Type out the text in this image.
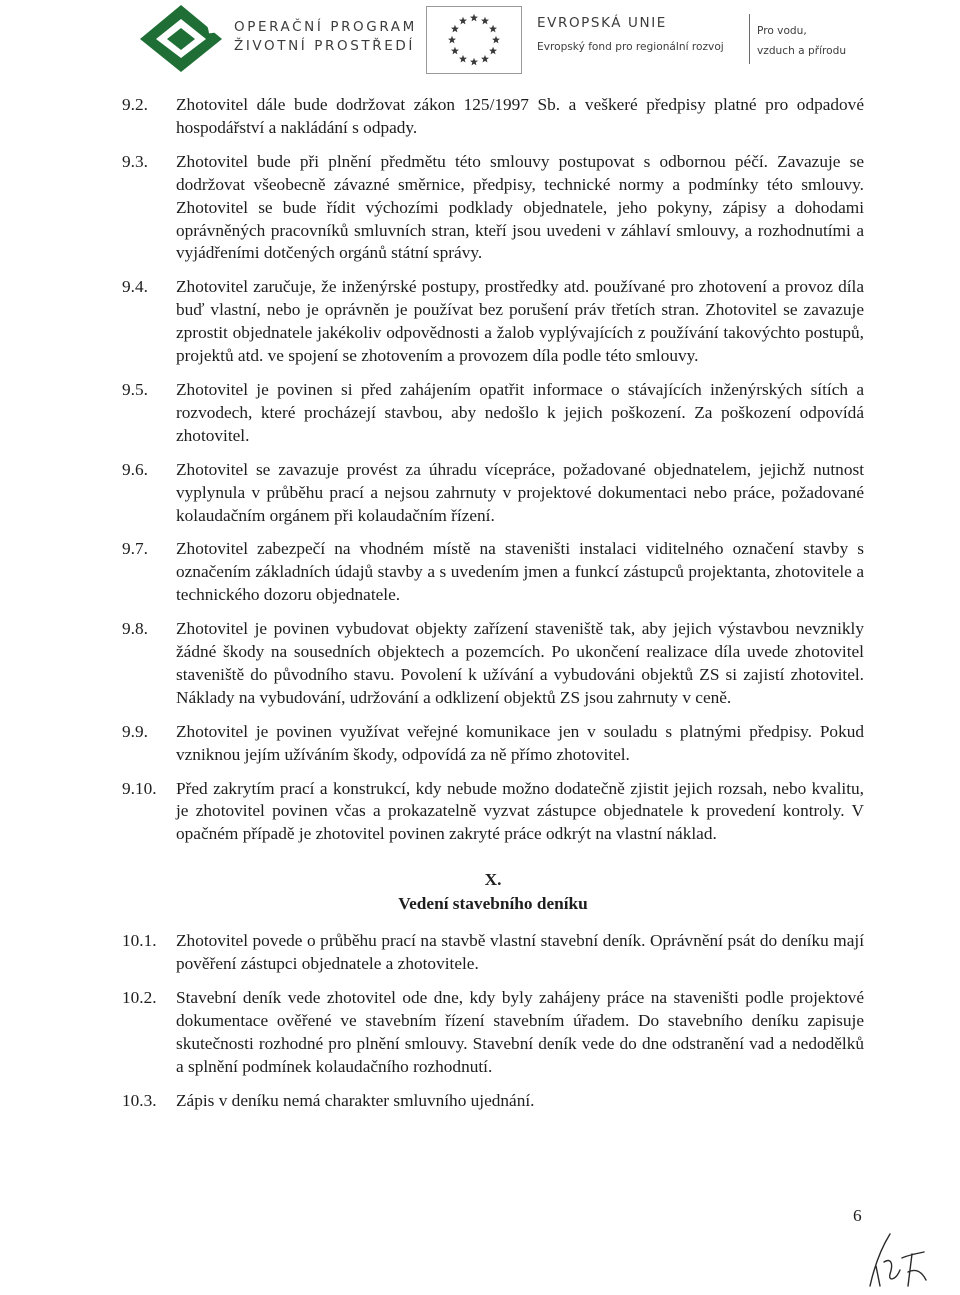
OPERAČNÍ PROGRAM
ŽIVOTNÍ PROSTŘEDÍ
EVROPSKÁ UNIE
Evropský fond pro regionální rozvoj
Pro vodu,
vzduch a přírodu
9.2.	Zhotovitel dále bude dodržovat zákon 125/1997 Sb. a veškeré předpisy platné pro odpadové hospodářství a nakládání s odpady.
9.3.	Zhotovitel bude při plnění předmětu této smlouvy postupovat s odbornou péčí. Zavazuje se dodržovat všeobecně závazné směrnice, předpisy, technické normy a podmínky této smlouvy. Zhotovitel se bude řídit výchozími podklady objednatele, jeho pokyny, zápisy a dohodami oprávněných pracovníků smluvních stran, kteří jsou uvedeni v záhlaví smlouvy, a rozhodnutími a vyjádřeními dotčených orgánů státní správy.
9.4.	Zhotovitel zaručuje, že inženýrské postupy, prostředky atd. používané pro zhotovení a provoz díla buď vlastní, nebo je oprávněn je používat bez porušení práv třetích stran. Zhotovitel se zavazuje zprostit objednatele jakékoliv odpovědnosti a žalob vyplývajících z používání takovýchto postupů, projektů atd. ve spojení se zhotovením a provozem díla podle této smlouvy.
9.5.	Zhotovitel je povinen si před zahájením opatřit informace o stávajících inženýrských sítích a rozvodech, které procházejí stavbou, aby nedošlo k jejich poškození. Za poškození odpovídá zhotovitel.
9.6.	Zhotovitel se zavazuje provést za úhradu vícepráce, požadované objednatelem, jejichž nutnost vyplynula v průběhu prací a nejsou zahrnuty v projektové dokumentaci nebo práce, požadované kolaudačním orgánem při kolaudačním řízení.
9.7.	Zhotovitel zabezpečí na vhodném místě na staveništi instalaci viditelného označení stavby s označením základních údajů stavby a s uvedením jmen a funkcí zástupců projektanta, zhotovitele a technického dozoru objednatele.
9.8.	Zhotovitel je povinen vybudovat objekty zařízení staveniště tak, aby jejich výstavbou nevznikly žádné škody na sousedních objektech a pozemcích. Po ukončení realizace díla uvede zhotovitel staveniště do původního stavu. Povolení k užívání a vybudováni objektů ZS si zajistí zhotovitel. Náklady na vybudování, udržování a odklizení objektů ZS jsou zahrnuty v ceně.
9.9.	Zhotovitel je povinen využívat veřejné komunikace jen v souladu s platnými předpisy. Pokud vzniknou jejím užíváním škody, odpovídá za ně přímo zhotovitel.
9.10.	Před zakrytím prací a konstrukcí, kdy nebude možno dodatečně zjistit jejich rozsah, nebo kvalitu, je zhotovitel povinen včas a prokazatelně vyzvat zástupce objednatele k provedení kontroly. V opačném případě je zhotovitel povinen zakryté práce odkrýt na vlastní náklad.
X.
Vedení stavebního deníku
10.1.	Zhotovitel povede o průběhu prací na stavbě vlastní stavební deník. Oprávnění psát do deníku mají pověření zástupci objednatele a zhotovitele.
10.2.	Stavební deník vede zhotovitel ode dne, kdy byly zahájeny práce na staveništi podle projektové dokumentace ověřené ve stavebním řízení stavebním úřadem. Do stavebního deníku zapisuje skutečnosti rozhodné pro plnění smlouvy. Stavební deník vede do dne odstranění vad a nedodělků a splnění podmínek kolaudačního rozhodnutí.
10.3.	Zápis v deníku nemá charakter smluvního ujednání.
6
